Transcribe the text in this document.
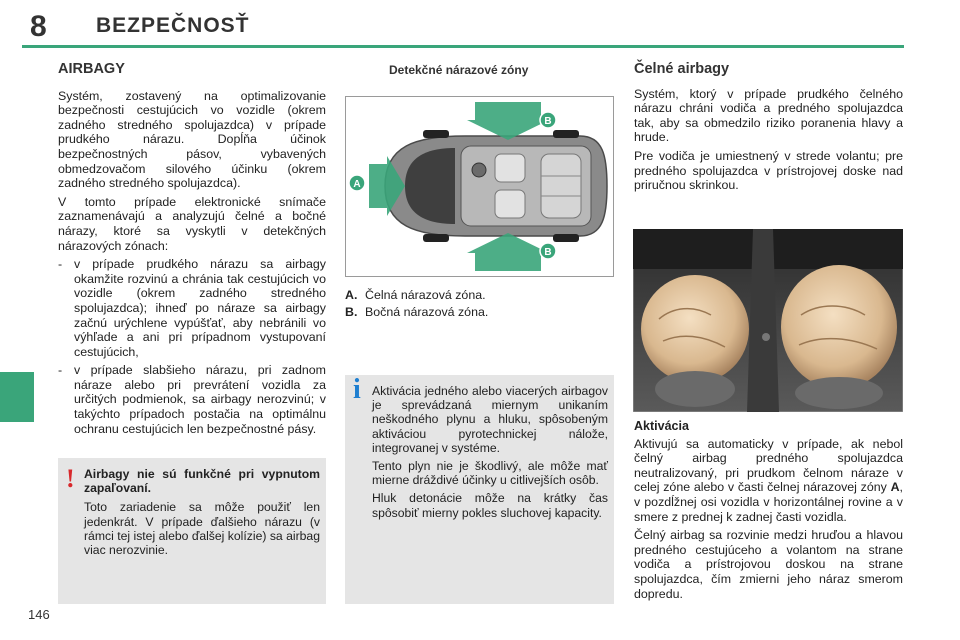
8 BEZPEČNOSŤ
146
AIRBAGY

Systém, zostavený na optimalizovanie bezpečnosti cestujúcich vo vozidle (okrem zadného stredného spolujazdca) v prípade prudkého nárazu. Dopĺňa účinok bezpečnostných pásov, vybavených obmedzovačom silového účinku (okrem zadného stredného spolujazdca).

V tomto prípade elektronické snímače zaznamenávajú a analyzujú čelné a bočné nárazy, ktoré sa vyskytli v detekčných nárazových zónach:

- v prípade prudkého nárazu sa airbagy okamžite rozvinú a chránia tak cestujúcich vo vozidle (okrem zadného stredného spolujazdca); ihneď po náraze sa airbagy začnú urýchlene vypúšťať, aby nebránili vo výhľade a ani pri prípadnom vystupovaní cestujúcich,
- v prípade slabšieho nárazu, pri zadnom náraze alebo pri prevrátení vozidla za určitých podmienok, sa airbagy nerozvinú; v takýchto prípadoch postačia na optimálnu ochranu cestujúcich len bezpečnostné pásy.
! Airbagy nie sú funkčné pri vypnutom zapaľovaní.

Toto zariadenie sa môže použiť len jedenkrát. V prípade ďalšieho nárazu (v rámci tej istej alebo ďalšej kolízie) sa airbag viac nerozvinie.

Detekčné nárazové zóny
A
B
B
A. Čelná nárazová zóna.
B. Bočná nárazová zóna.
i Aktivácia jedného alebo viacerých airbagov je sprevádzaná miernym unikaním neškodného plynu a hluku, spôsobeným aktiváciou pyrotechnickej nálože, integrovanej v systéme.

Tento plyn nie je škodlivý, ale môže mať mierne dráždivé účinky u citlivejších osôb.

Hluk detonácie môže na krátky čas spôsobiť mierny pokles sluchovej kapacity.

Čelné airbagy

Systém, ktorý v prípade prudkého čelného nárazu chráni vodiča a predného spolujazdca tak, aby sa obmedzilo riziko poranenia hlavy a hrude.

Pre vodiča je umiestnený v strede volantu; pre predného spolujazdca v prístrojovej doske nad priručnou skrinkou.

Aktivácia

Aktivujú sa automaticky v prípade, ak nebol čelný airbag predného spolujazdca neutralizovaný, pri prudkom čelnom náraze v celej zóne alebo v časti čelnej nárazovej zóny A, v pozdĺžnej osi vozidla v horizontálnej rovine a v smere z prednej k zadnej časti vozidla.

Čelný airbag sa rozvinie medzi hruďou a hlavou predného cestujúceho a volantom na strane vodiča a prístrojovou doskou na strane spolujazdca, čím zmierni jeho náraz smerom dopredu.
